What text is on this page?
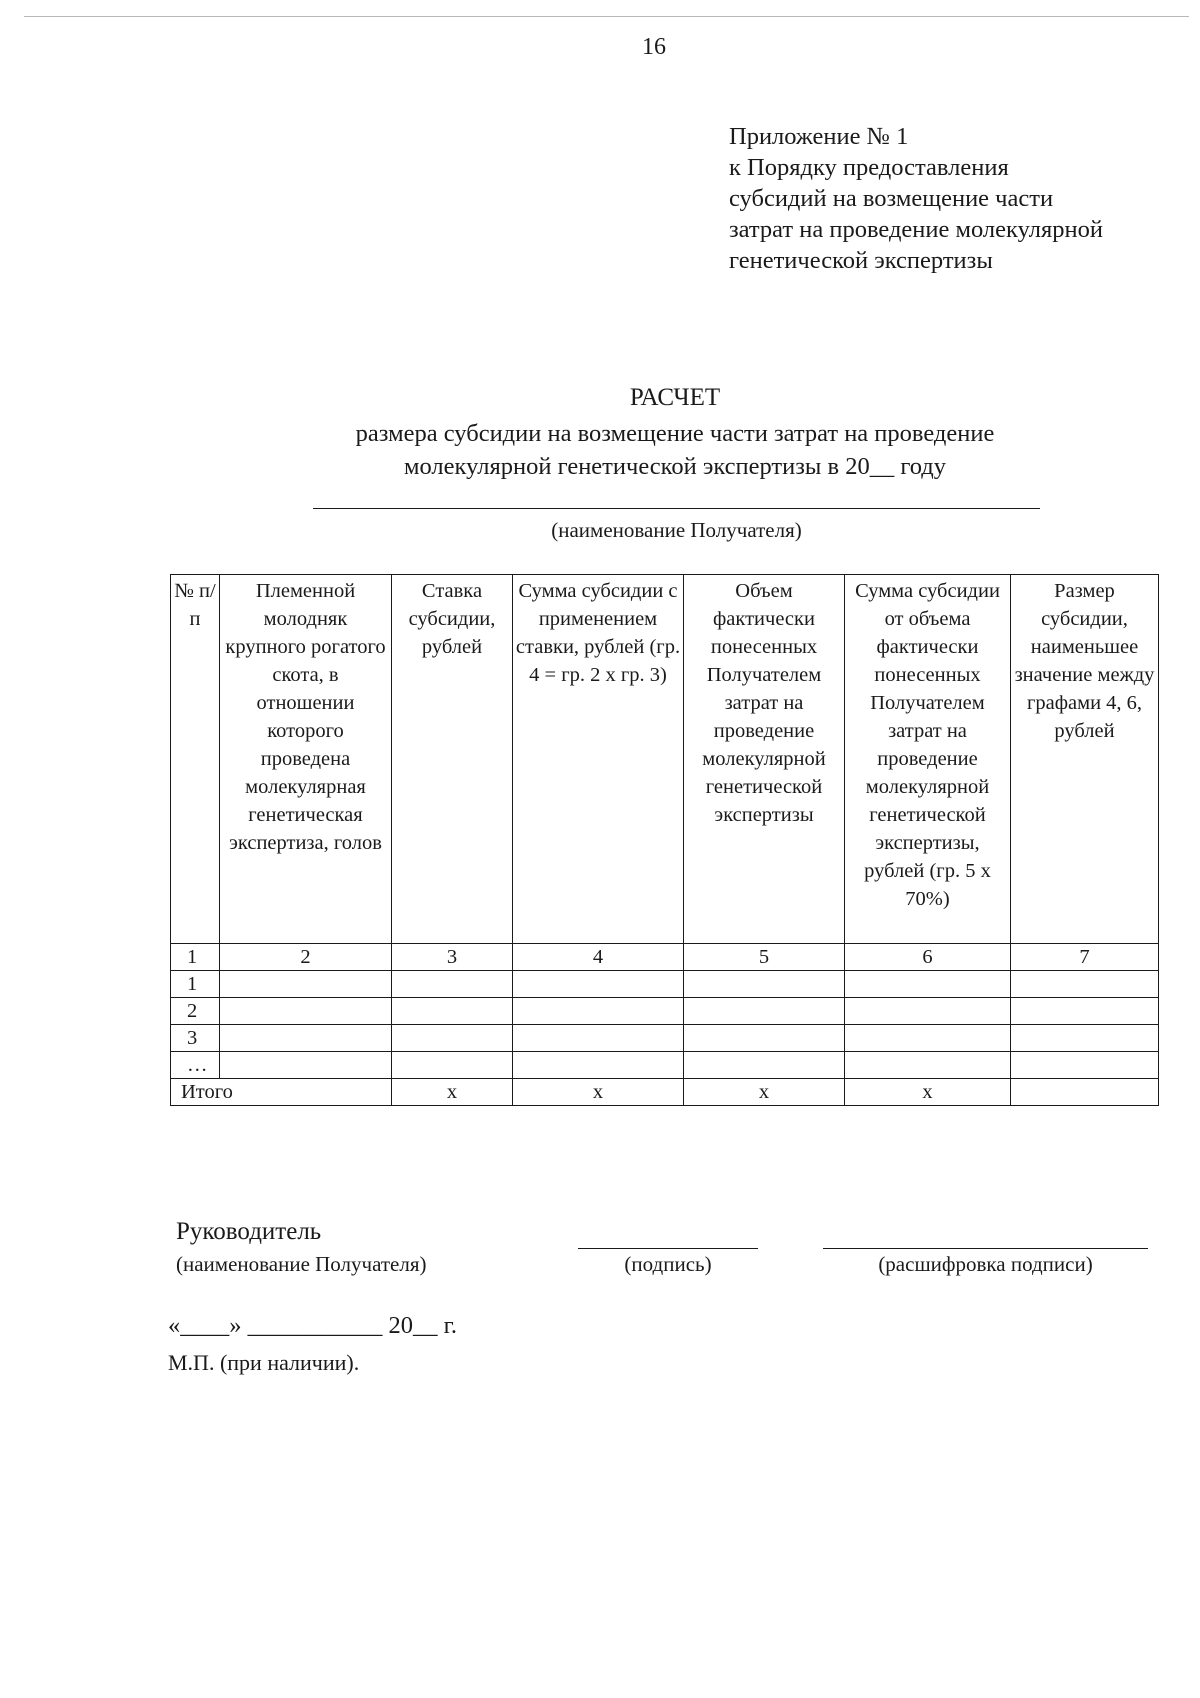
16
Приложение № 1
к Порядку предоставления
субсидий на возмещение части
затрат на проведение молекулярной
генетической экспертизы
РАСЧЕТ
размера субсидии на возмещение части затрат на проведение
молекулярной генетической экспертизы в 20__ году
(наименование Получателя)
№ п/п	Племенной молодняк крупного рогатого скота, в отношении которого проведена молекулярная генетическая экспертиза, голов	Ставка субсидии, рублей	Сумма субсидии с применением ставки, рублей (гр. 4 = гр. 2 х гр. 3)	Объем фактически понесенных Получателем затрат на проведение молекулярной генетической экспертизы	Сумма субсидии от объема фактически понесенных Получателем затрат на проведение молекулярной генетической экспертизы, рублей (гр. 5 х 70%)	Размер субсидии, наименьшее значение между графами 4, 6, рублей
1	2	3	4	5	6	7
1						
2						
3						
…						
Итого		х	х	х	х	
Руководитель
(наименование Получателя)	(подпись)	(расшифровка подписи)
«____» ___________ 20__ г.
М.П. (при наличии).
